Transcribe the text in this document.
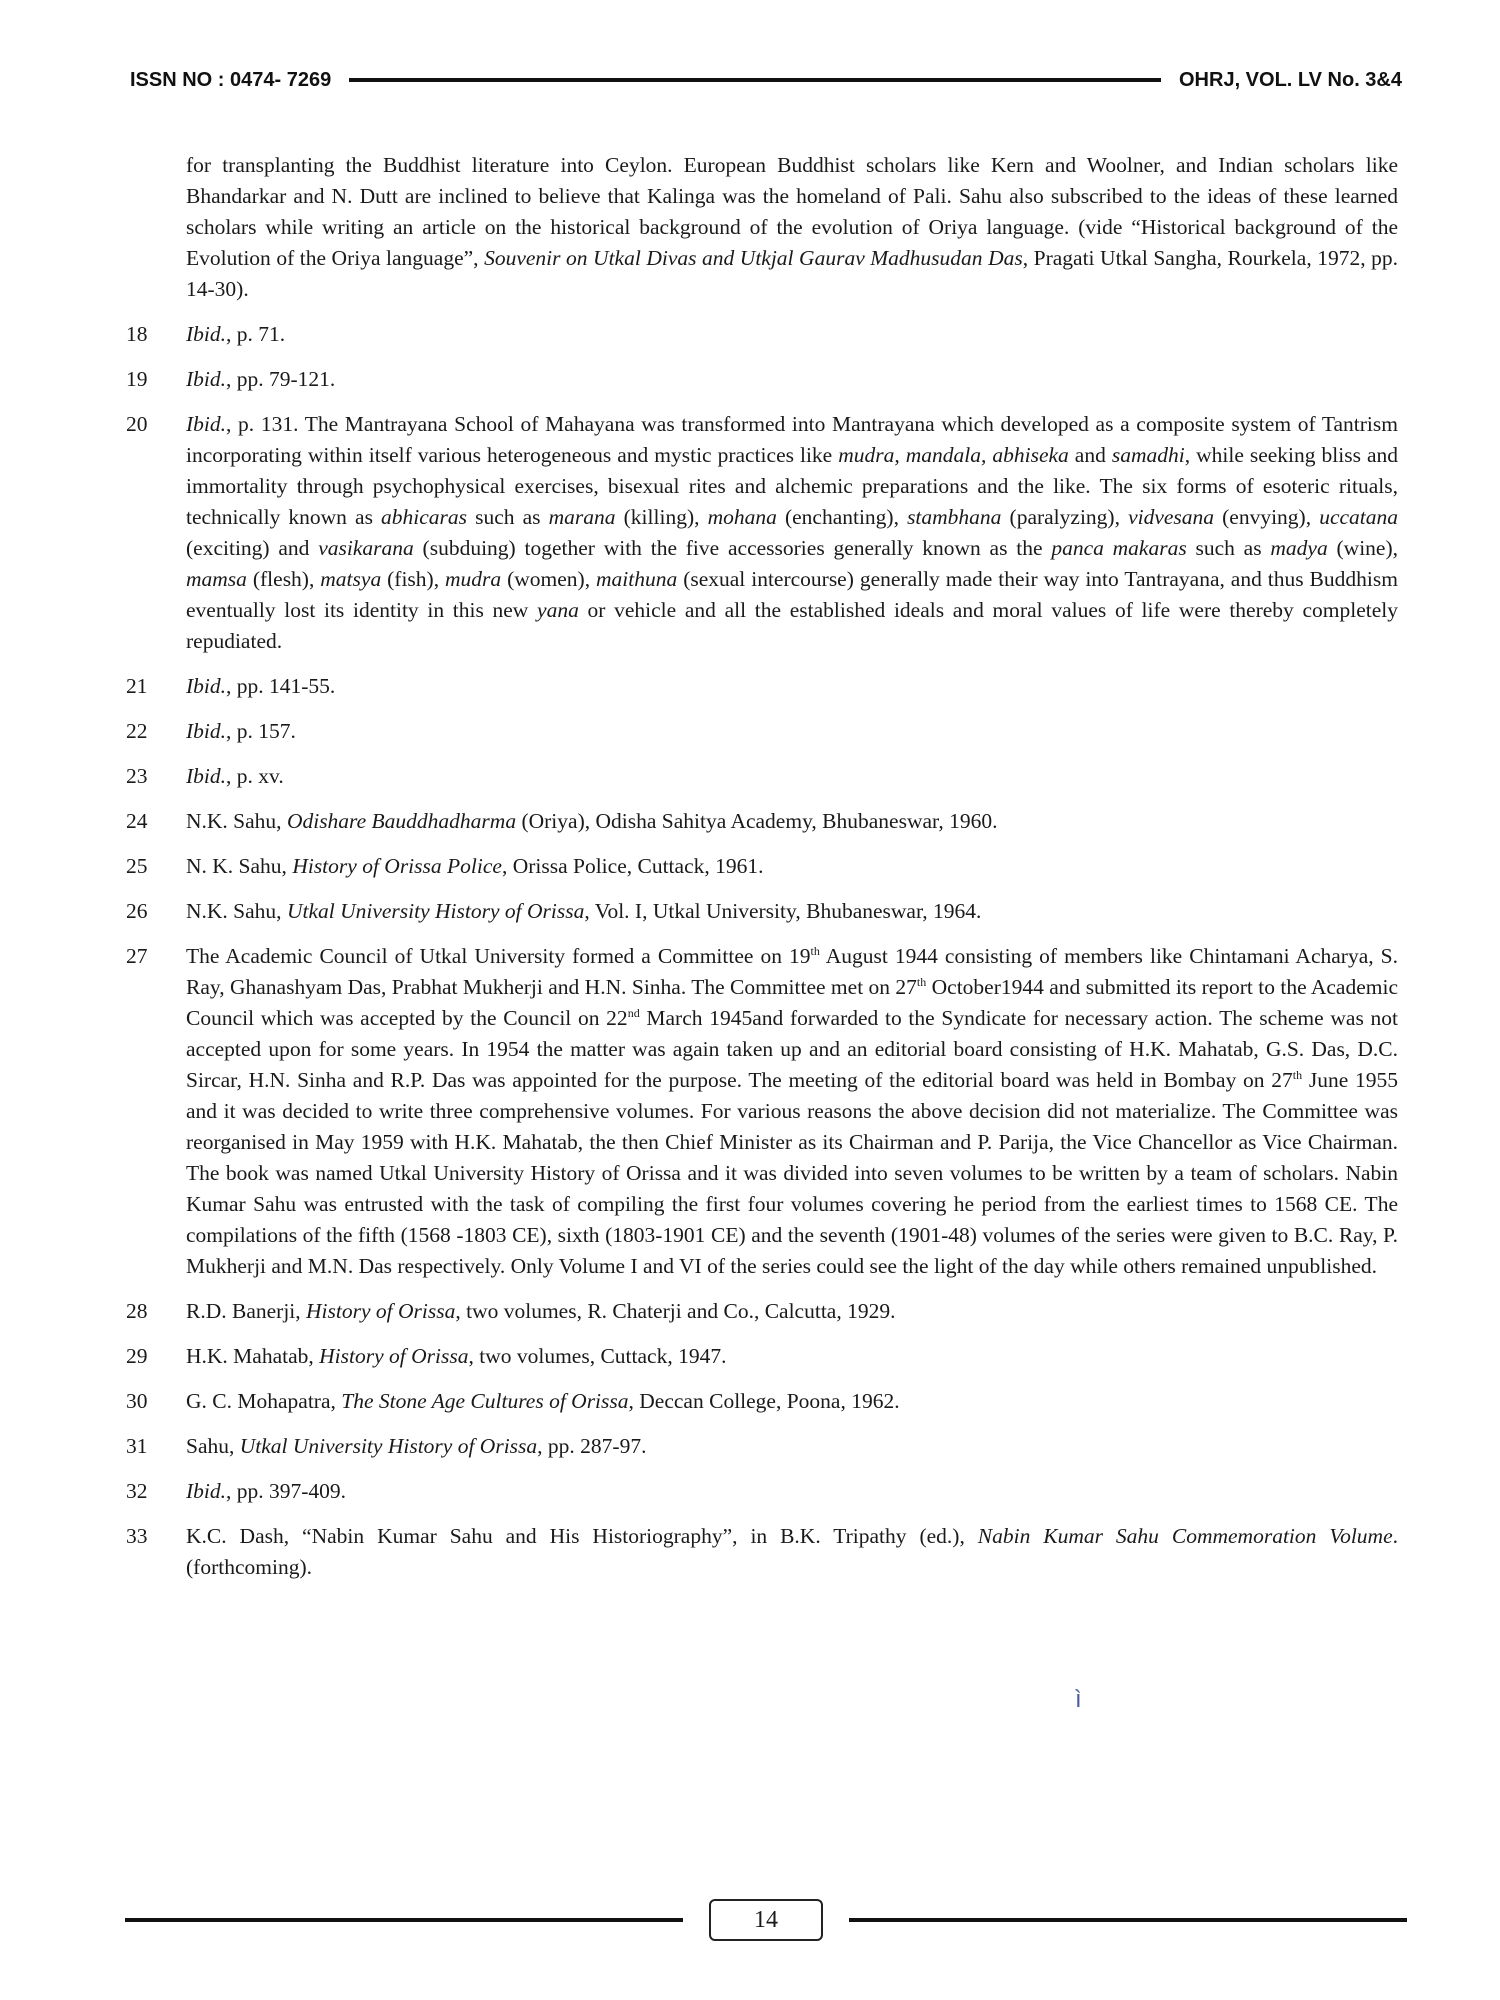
ISSN NO : 0474- 7269	OHRJ, VOL. LV No. 3&4
for transplanting the Buddhist literature into Ceylon. European Buddhist scholars like Kern and Woolner, and Indian scholars like Bhandarkar and N. Dutt are inclined to believe that Kalinga was the homeland of Pali. Sahu also subscribed to the ideas of these learned scholars while writing an article on the historical background of the evolution of Oriya language. (vide “Historical background of the Evolution of the Oriya language”, Souvenir on Utkal Divas and Utkjal Gaurav Madhusudan Das, Pragati Utkal Sangha, Rourkela, 1972, pp. 14-30).
18	Ibid., p. 71.
19	Ibid., pp. 79-121.
20	Ibid., p. 131. The Mantrayana School of Mahayana was transformed into Mantrayana which developed as a composite system of Tantrism incorporating within itself various heterogeneous and mystic practices like mudra, mandala, abhiseka and samadhi, while seeking bliss and immortality through psychophysical exercises, bisexual rites and alchemic preparations and the like. The six forms of esoteric rituals, technically known as abhicaras such as marana (killing), mohana (enchanting), stambhana (paralyzing), vidvesana (envying), uccatana (exciting) and vasikarana (subduing) together with the five accessories generally known as the panca makaras such as madya (wine), mamsa (flesh), matsya (fish), mudra (women), maithuna (sexual intercourse) generally made their way into Tantrayana, and thus Buddhism eventually lost its identity in this new yana or vehicle and all the established ideals and moral values of life were thereby completely repudiated.
21	Ibid., pp. 141-55.
22	Ibid., p. 157.
23	Ibid., p. xv.
24	N.K. Sahu, Odishare Bauddhadharma (Oriya), Odisha Sahitya Academy, Bhubaneswar, 1960.
25	N. K. Sahu, History of Orissa Police, Orissa Police, Cuttack, 1961.
26	N.K. Sahu, Utkal University History of Orissa, Vol. I, Utkal University, Bhubaneswar, 1964.
27	The Academic Council of Utkal University formed a Committee on 19th August 1944 consisting of members like Chintamani Acharya, S. Ray, Ghanashyam Das, Prabhat Mukherji and H.N. Sinha. The Committee met on 27th October1944 and submitted its report to the Academic Council which was accepted by the Council on 22nd March 1945and forwarded to the Syndicate for necessary action. The scheme was not accepted upon for some years. In 1954 the matter was again taken up and an editorial board consisting of H.K. Mahatab, G.S. Das, D.C. Sircar, H.N. Sinha and R.P. Das was appointed for the purpose. The meeting of the editorial board was held in Bombay on 27th June 1955 and it was decided to write three comprehensive volumes. For various reasons the above decision did not materialize. The Committee was reorganised in May 1959 with H.K. Mahatab, the then Chief Minister as its Chairman and P. Parija, the Vice Chancellor as Vice Chairman. The book was named Utkal University History of Orissa and it was divided into seven volumes to be written by a team of scholars. Nabin Kumar Sahu was entrusted with the task of compiling the first four volumes covering he period from the earliest times to 1568 CE. The compilations of the fifth (1568 -1803 CE), sixth (1803-1901 CE) and the seventh (1901-48) volumes of the series were given to B.C. Ray, P. Mukherji and M.N. Das respectively. Only Volume I and VI of the series could see the light of the day while others remained unpublished.
28	R.D. Banerji, History of Orissa, two volumes, R. Chaterji and Co., Calcutta, 1929.
29	H.K. Mahatab, History of Orissa, two volumes, Cuttack, 1947.
30	G. C. Mohapatra, The Stone Age Cultures of Orissa, Deccan College, Poona, 1962.
31	Sahu, Utkal University History of Orissa, pp. 287-97.
32	Ibid., pp. 397-409.
33	K.C. Dash, “Nabin Kumar Sahu and His Historiography”, in B.K. Tripathy (ed.), Nabin Kumar Sahu Commemoration Volume. (forthcoming).
ì
14
